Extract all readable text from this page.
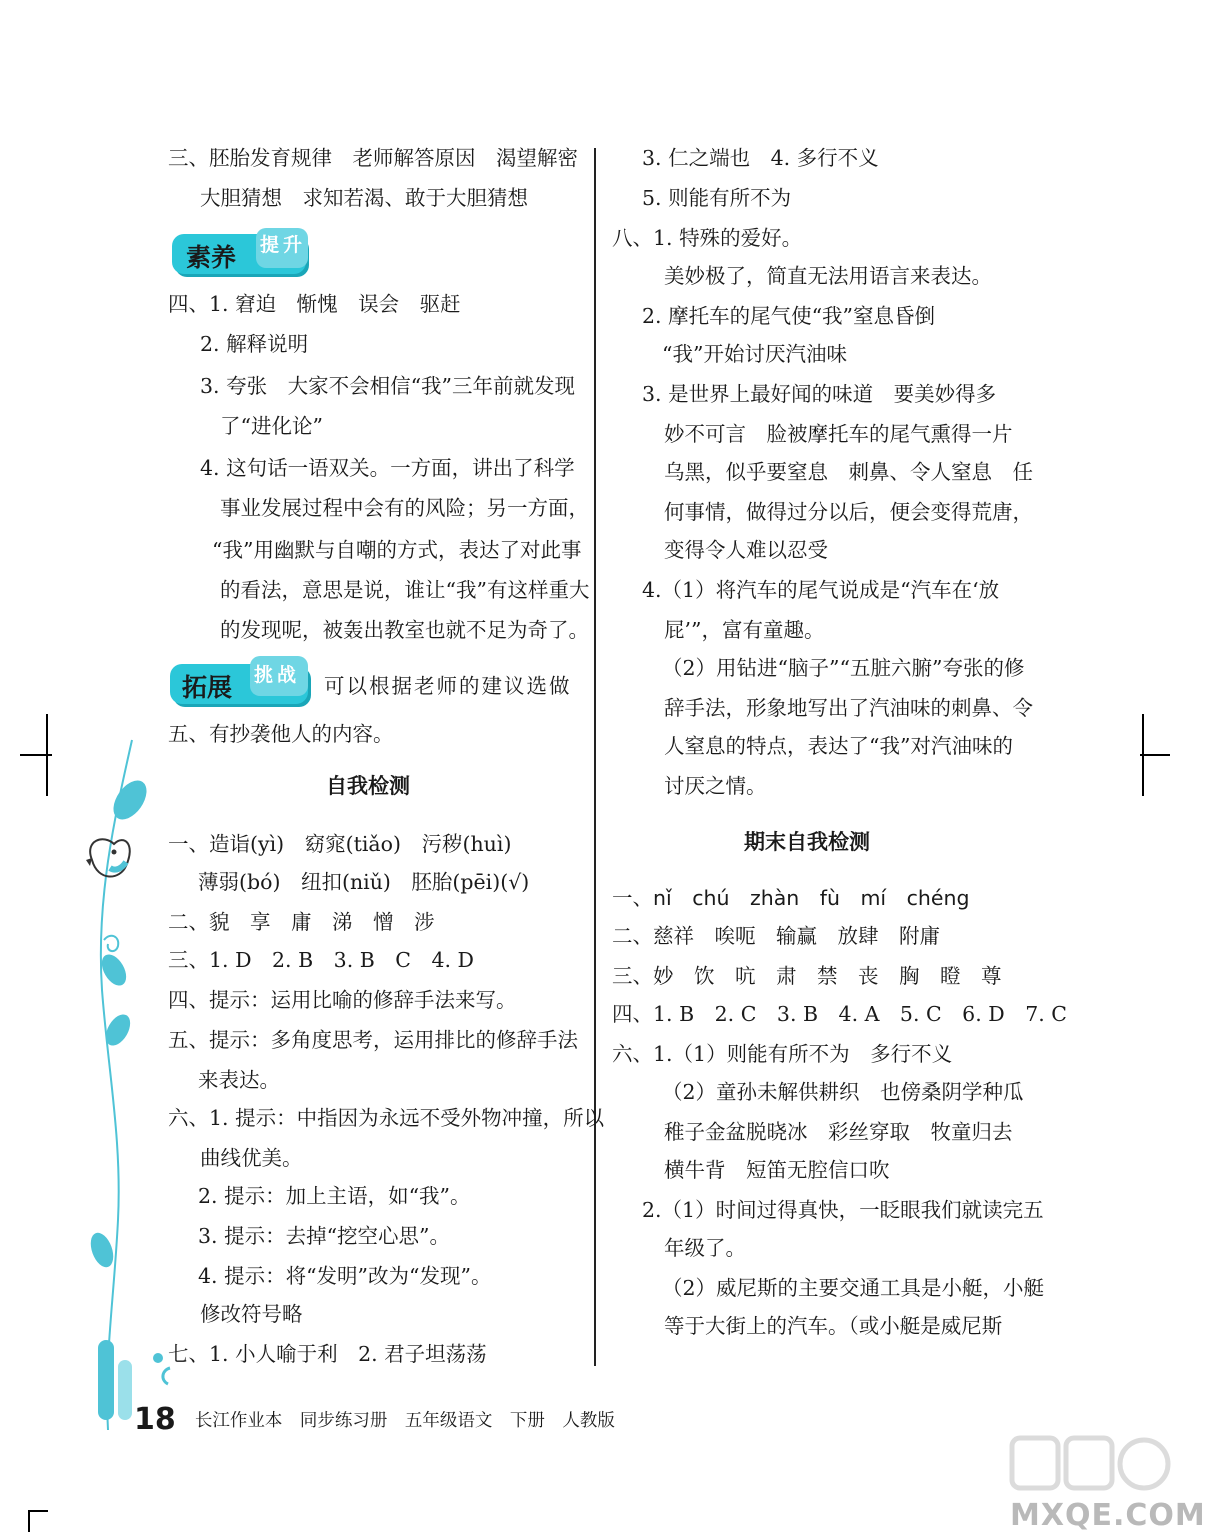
三、胚胎发育规律　老师解答原因　渴望解密
大胆猜想　求知若渴、敢于大胆猜想
素养 提升
四、1. 窘迫　惭愧　误会　驱赶
2. 解释说明
3. 夸张　大家不会相信“我”三年前就发现
了“进化论”
4. 这句话一语双关。一方面，讲出了科学
事业发展过程中会有的风险；另一方面，
“我”用幽默与自嘲的方式，表达了对此事
的看法，意思是说，谁让“我”有这样重大
的发现呢，被轰出教室也就不足为奇了。
拓展 挑战 可以根据老师的建议选做
五、有抄袭他人的内容。
自我检测
一、造诣(yì)　窈窕(tiǎo)　污秽(huì)
薄弱(bó)　纽扣(niǔ)　胚胎(pēi)(√)
二、貌　享　庸　涕　憎　涉
三、1. D　2. B　3. B　C　4. D
四、提示：运用比喻的修辞手法来写。
五、提示：多角度思考，运用排比的修辞手法
来表达。
六、1. 提示：中指因为永远不受外物冲撞，所以
曲线优美。
2. 提示：加上主语，如“我”。
3. 提示：去掉“挖空心思”。
4. 提示：将“发明”改为“发现”。
修改符号略
七、1. 小人喻于利　2. 君子坦荡荡
3. 仁之端也　4. 多行不义
5. 则能有所不为
八、1. 特殊的爱好。
美妙极了，简直无法用语言来表达。
2. 摩托车的尾气使“我”窒息昏倒
“我”开始讨厌汽油味
3. 是世界上最好闻的味道　要美妙得多
妙不可言　脸被摩托车的尾气熏得一片
乌黑，似乎要窒息　刺鼻、令人窒息　任
何事情，做得过分以后，便会变得荒唐，
变得令人难以忍受
4.（1）将汽车的尾气说成是“汽车在‘放
屁’”，富有童趣。
（2）用钻进“脑子”“五脏六腑”夸张的修
辞手法，形象地写出了汽油味的刺鼻、令
人窒息的特点，表达了“我”对汽油味的
讨厌之情。
期末自我检测
一、nǐ　chú　zhàn　fù　mí　chéng
二、慈祥　唉呃　输赢　放肆　附庸
三、妙　饮　吭　肃　禁　丧　胸　瞪　尊
四、1. B　2. C　3. B　4. A　5. C　6. D　7. C
六、1.（1）则能有所不为　多行不义
（2）童孙未解供耕织　也傍桑阴学种瓜
稚子金盆脱晓冰　彩丝穿取　牧童归去
横牛背　短笛无腔信口吹
2.（1）时间过得真快，一眨眼我们就读完五
年级了。
（2）威尼斯的主要交通工具是小艇，小艇
等于大街上的汽车。（或小艇是威尼斯
18 长江作业本　同步练习册　五年级语文　下册　人教版
MXQE.COM
